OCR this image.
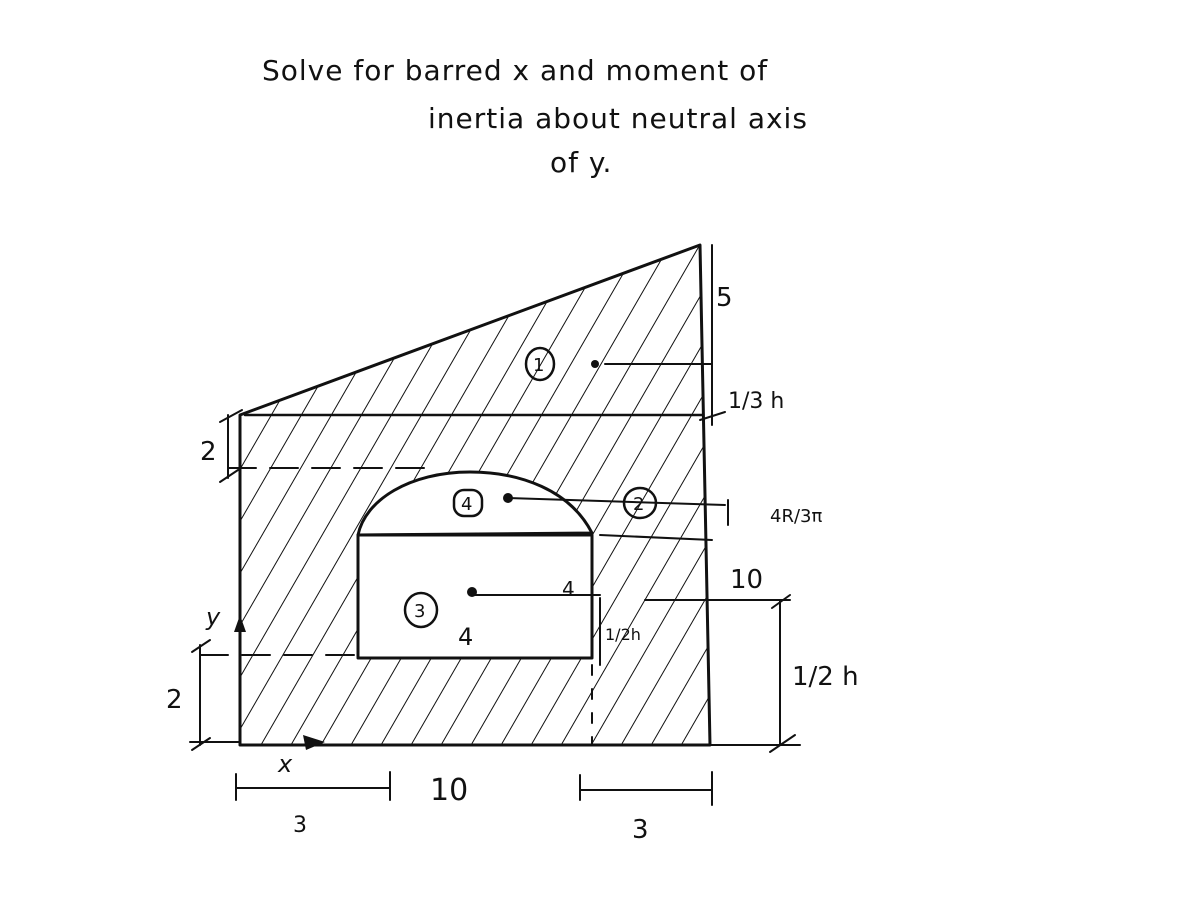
Solve for barred x and moment of
inertia about neutral axis
of y.
1
2
3
4
5
1/3 h
4R/3π
10
1/2 h
4
4	1/2h
2
2
y
x
3
10
3
